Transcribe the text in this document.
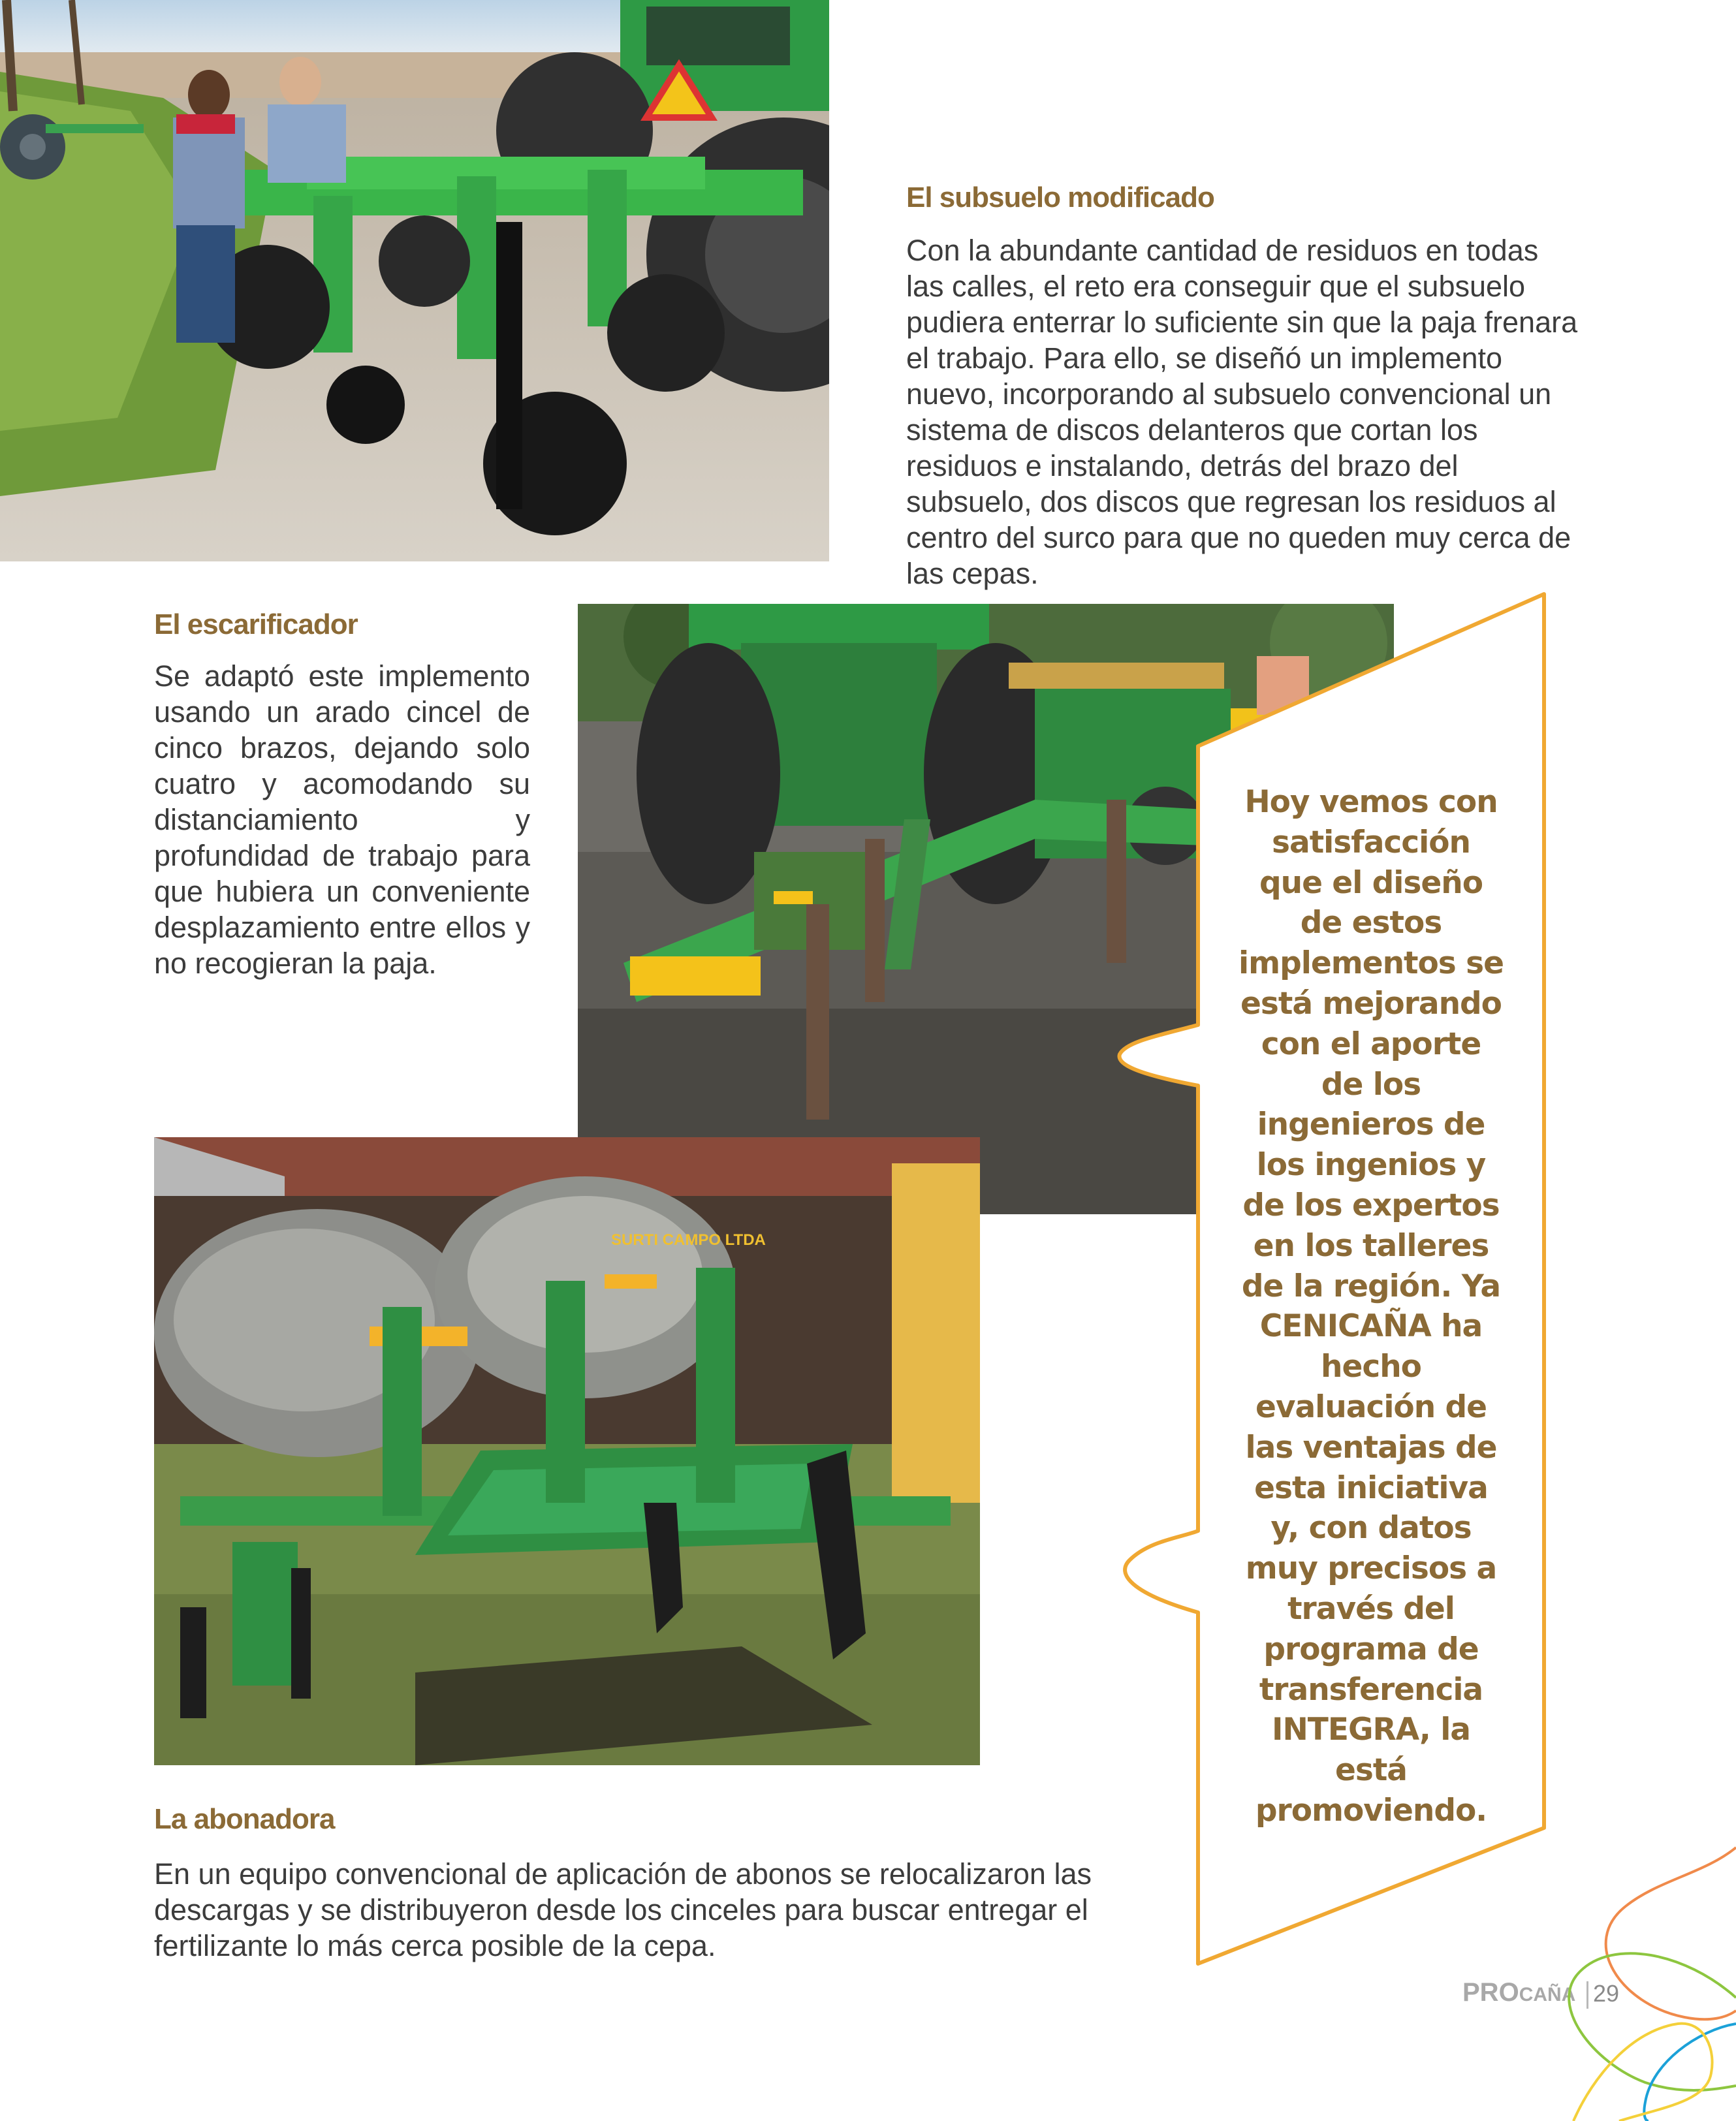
El subsuelo modificado

Con la abundante cantidad de residuos en todas las calles, el reto era conseguir que el subsuelo pudiera enterrar lo suficiente sin que la paja frenara el trabajo. Para ello, se diseñó un implemento nuevo, incorporando al subsuelo convencional un sistema de discos delanteros que cortan los residuos e instalando, detrás del brazo del subsuelo, dos discos que regresan los residuos al centro del surco para que no queden muy cerca de las cepas.

El escarificador

Se adaptó este implemento usando un arado cincel de cinco brazos, dejando solo cuatro y acomodando su distanciamiento y profundidad de trabajo para que hubiera un conveniente desplazamiento entre ellos y no recogieran la paja.

SURTI CAMPO LTDA
La abonadora

En un equipo convencional de aplicación de abonos se relocalizaron las descargas y se distribuyeron desde los cinceles para buscar entregar el fertilizante lo más cerca posible de la cepa.

Hoy vemos con satisfacción que el diseño de estos implementos se está mejorando con el aporte de los ingenieros de los ingenios y de los expertos en los talleres de la región. Ya CENICAÑA ha hecho evaluación de las ventajas de esta iniciativa y, con datos muy precisos a través del programa de transferencia INTEGRA, la está promoviendo.

PROCAÑA 29
